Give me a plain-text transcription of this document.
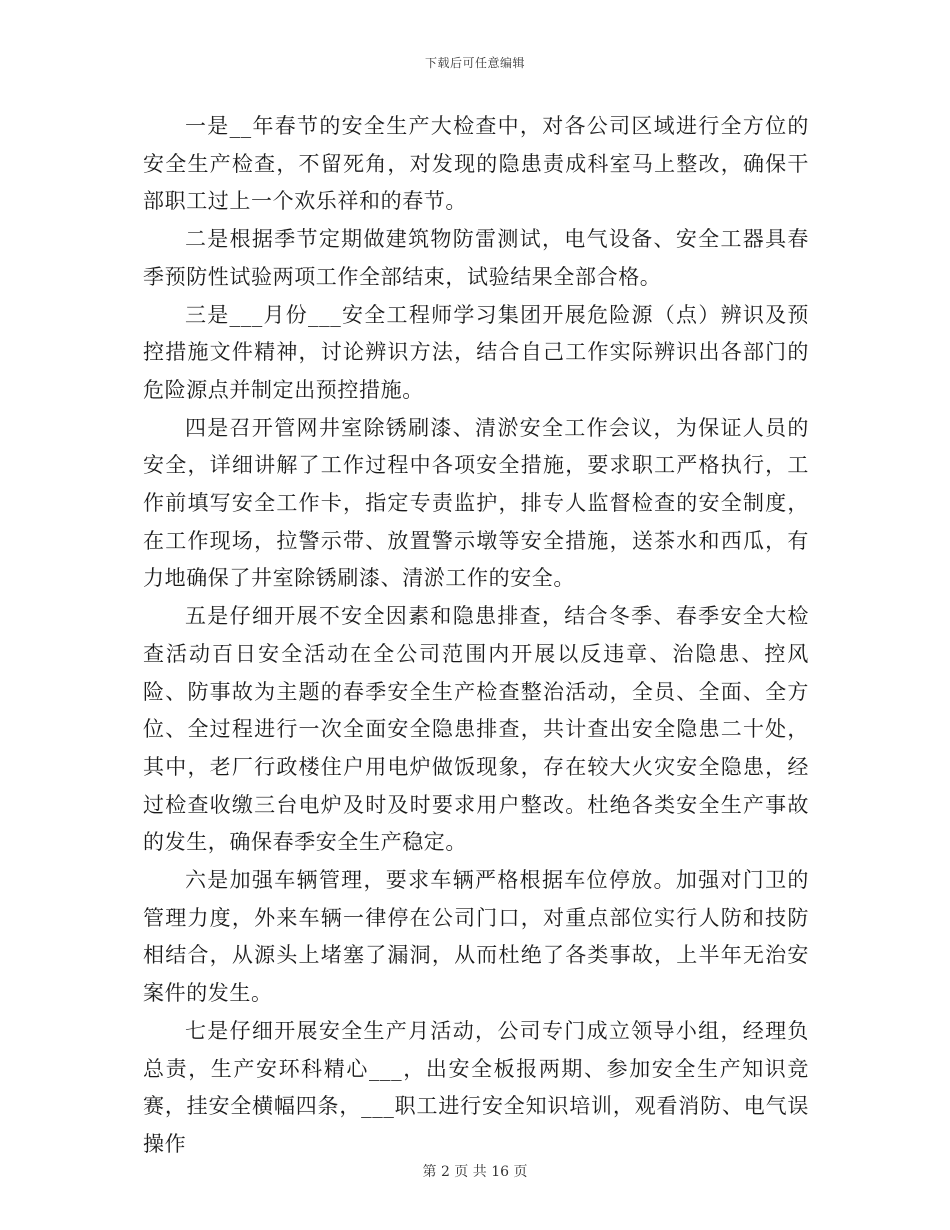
下载后可任意编辑

一是__年春节的安全生产大检查中，对各公司区域进行全方位的安全生产检查，不留死角，对发现的隐患责成科室马上整改，确保干部职工过上一个欢乐祥和的春节。

二是根据季节定期做建筑物防雷测试，电气设备、安全工器具春季预防性试验两项工作全部结束，试验结果全部合格。

三是___月份___安全工程师学习集团开展危险源（点）辨识及预控措施文件精神，讨论辨识方法，结合自己工作实际辨识出各部门的危险源点并制定出预控措施。

四是召开管网井室除锈刷漆、清淤安全工作会议，为保证人员的安全，详细讲解了工作过程中各项安全措施，要求职工严格执行，工作前填写安全工作卡，指定专责监护，排专人监督检查的安全制度，在工作现场，拉警示带、放置警示墩等安全措施，送茶水和西瓜，有力地确保了井室除锈刷漆、清淤工作的安全。

五是仔细开展不安全因素和隐患排查，结合冬季、春季安全大检查活动百日安全活动在全公司范围内开展以反违章、治隐患、控风险、防事故为主题的春季安全生产检查整治活动，全员、全面、全方位、全过程进行一次全面安全隐患排查，共计查出安全隐患二十处，其中，老厂行政楼住户用电炉做饭现象，存在较大火灾安全隐患，经过检查收缴三台电炉及时及时要求用户整改。杜绝各类安全生产事故的发生，确保春季安全生产稳定。

六是加强车辆管理，要求车辆严格根据车位停放。加强对门卫的管理力度，外来车辆一律停在公司门口，对重点部位实行人防和技防相结合，从源头上堵塞了漏洞，从而杜绝了各类事故，上半年无治安案件的发生。

七是仔细开展安全生产月活动，公司专门成立领导小组，经理负总责，生产安环科精心___，出安全板报两期、参加安全生产知识竞赛，挂安全横幅四条，___职工进行安全知识培训，观看消防、电气误操作

第 2 页 共 16 页
